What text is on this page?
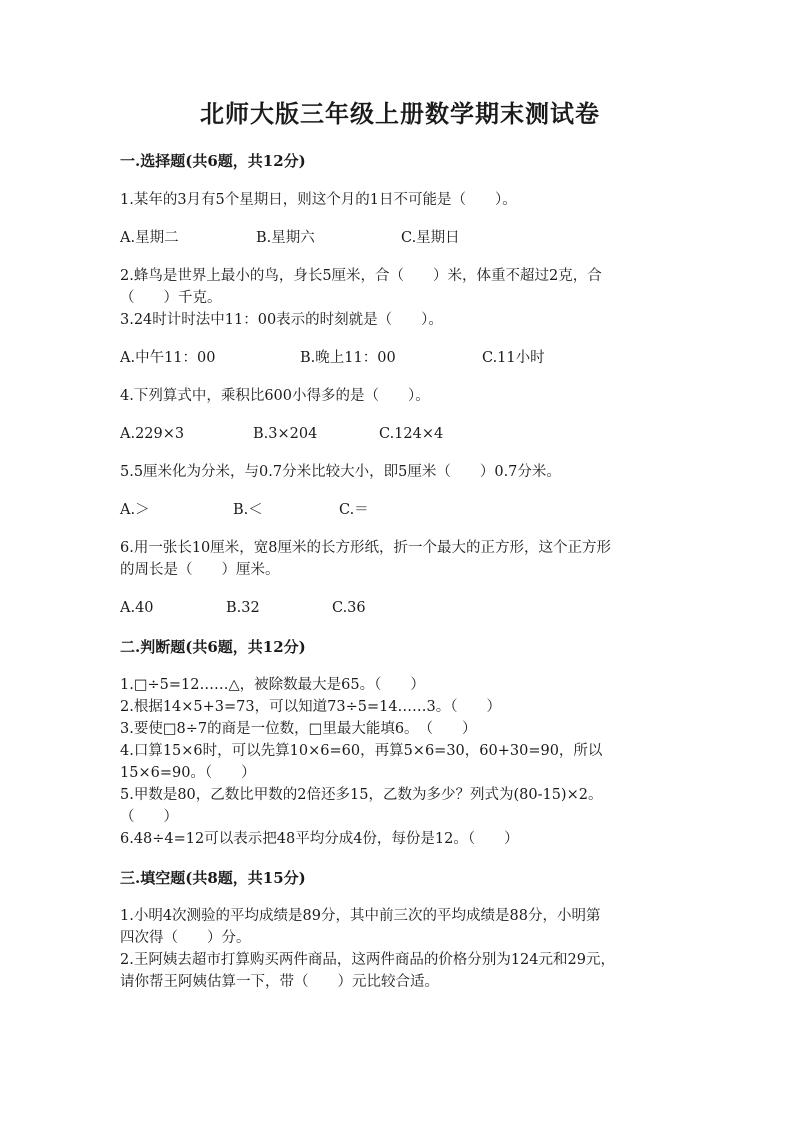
北师大版三年级上册数学期末测试卷
一.选择题(共6题，共12分)
1.某年的3月有5个星期日，则这个月的1日不可能是（　　）。
A.星期二	B.星期六	C.星期日
2.蜂鸟是世界上最小的鸟，身长5厘米，合（　　）米，体重不超过2克，合
（　　）千克。
3.24时计时法中11：00表示的时刻就是（　　）。
A.中午11：00	B.晚上11：00	C.11小时
4.下列算式中，乘积比600小得多的是（　　）。
A.229×3	B.3×204	C.124×4
5.5厘米化为分米，与0.7分米比较大小，即5厘米（　　）0.7分米。
A.＞	B.＜	C.＝
6.用一张长10厘米，宽8厘米的长方形纸，折一个最大的正方形，这个正方形
的周长是（　　）厘米。
A.40	B.32	C.36
二.判断题(共6题，共12分)
1.□÷5=12……△，被除数最大是65。（　　）
2.根据14×5+3=73，可以知道73÷5=14……3。（　　）
3.要使□8÷7的商是一位数，□里最大能填6。　（　　）
4.口算15×6时，可以先算10×6=60，再算5×6=30，60+30=90，所以
15×6=90。（　　）
5.甲数是80，乙数比甲数的2倍还多15，乙数为多少？列式为(80-15)×2。
（　　）
6.48÷4=12可以表示把48平均分成4份，每份是12。（　　）
三.填空题(共8题，共15分)
1.小明4次测验的平均成绩是89分，其中前三次的平均成绩是88分，小明第
四次得（　　）分。
2.王阿姨去超市打算购买两件商品，这两件商品的价格分别为124元和29元，
请你帮王阿姨估算一下，带（　　）元比较合适。
